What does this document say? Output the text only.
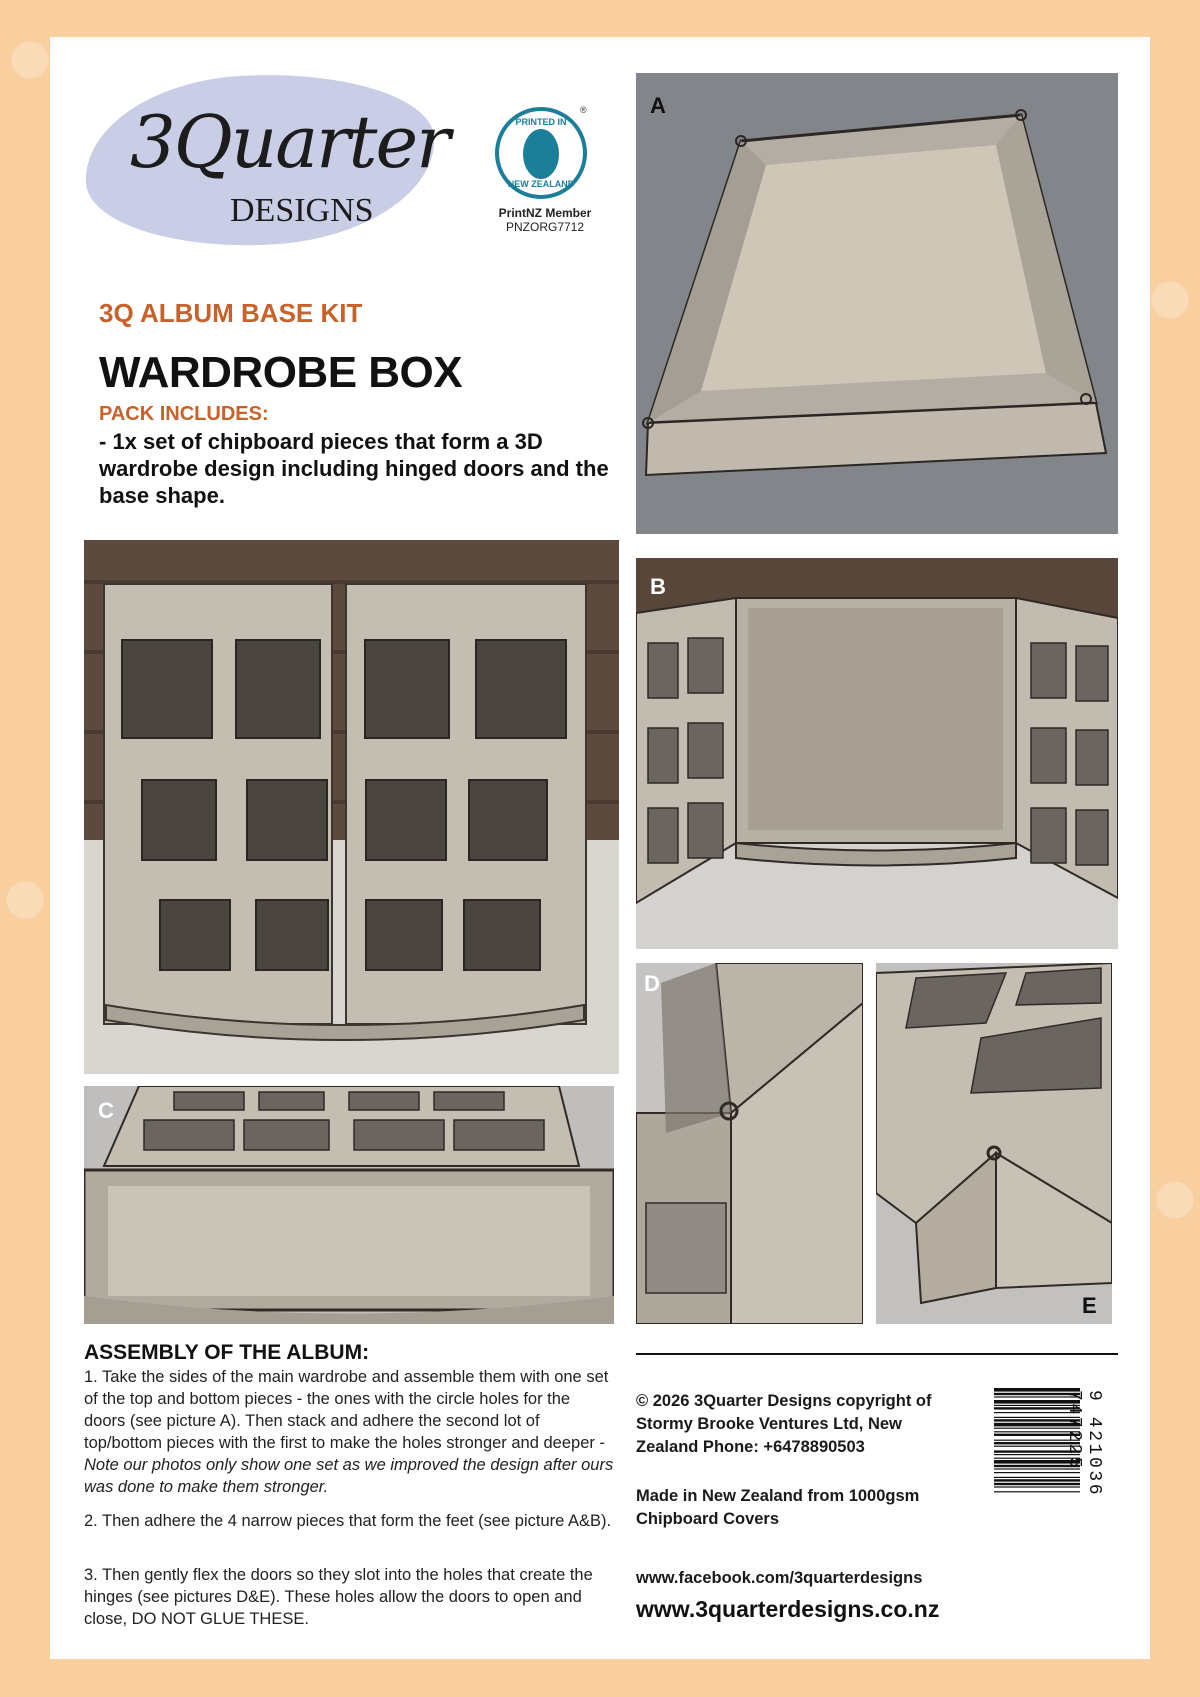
3Quarter
DESIGNS
PRINTED IN
NEW ZEALAND
®
PrintNZ Member
PNZORG7712
3Q ALBUM BASE KIT
WARDROBE BOX
PACK INCLUDES:
- 1x set of chipboard pieces that form a 3D wardrobe design including hinged doors and the base shape.
A
B
C
D
E
ASSEMBLY OF THE ALBUM:
1. Take the sides of the main wardrobe and assemble them with one set of the top and bottom pieces - the ones with the circle holes for the doors (see picture A). Then stack and adhere the second lot of top/bottom pieces with the first to make the holes stronger and deeper - Note our photos only show one set as we improved the design after ours was done to make them stronger.
2. Then adhere the 4 narrow pieces that form the feet (see picture A&B).
3. Then gently flex the doors so they slot into the holes that create the hinges (see pictures D&E). These holes allow the doors to open and close, DO NOT GLUE THESE.
© 2026 3Quarter Designs copyright of Stormy Brooke Ventures Ltd, New Zealand Phone: +6478890503
Made in New Zealand from 1000gsm Chipboard Covers
www.facebook.com/3quarterdesigns
www.3quarterdesigns.co.nz
9 421036 747225
